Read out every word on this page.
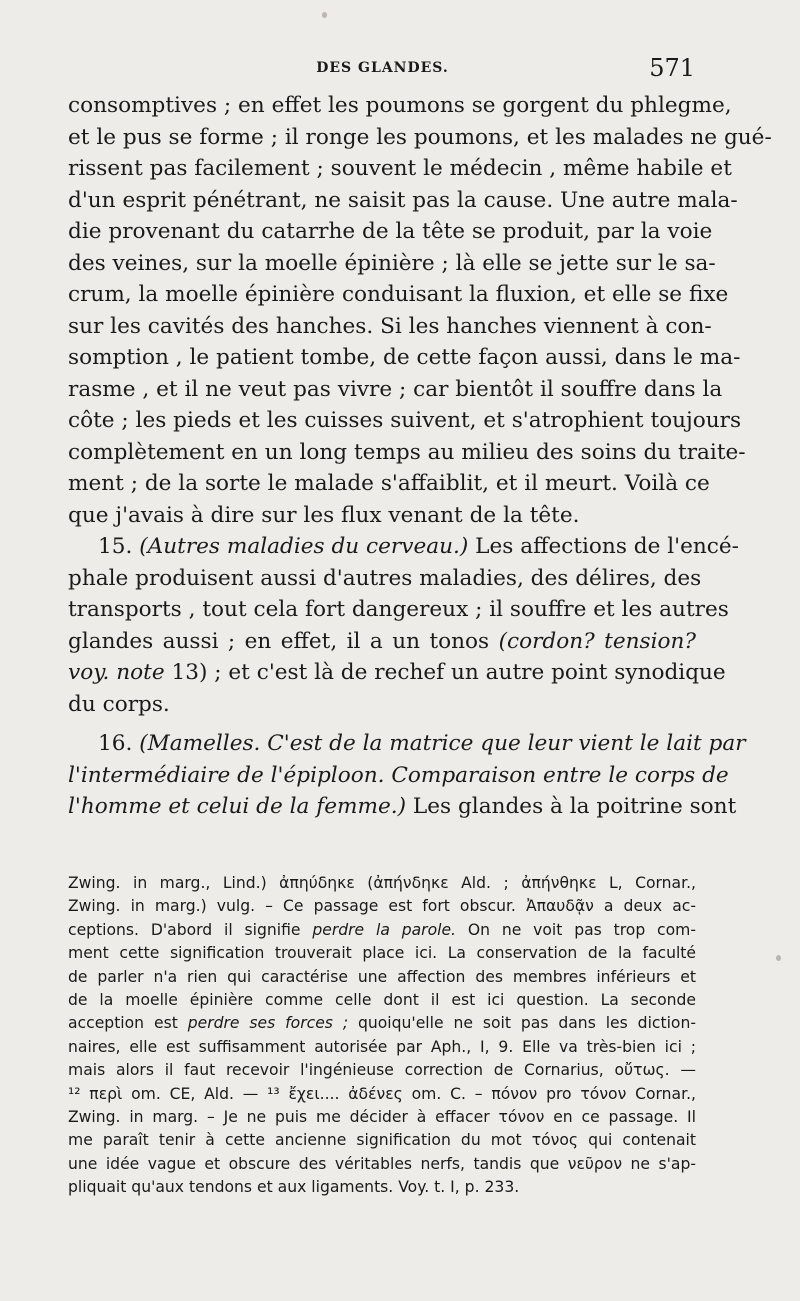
DES GLANDES.	571

consomptives ; en effet les poumons se gorgent du phlegme,
et le pus se forme ; il ronge les poumons, et les malades ne gué-
rissent pas facilement ; souvent le médecin , même habile et
d'un esprit pénétrant, ne saisit pas la cause. Une autre mala-
die provenant du catarrhe de la tête se produit, par la voie
des veines, sur la moelle épinière ; là elle se jette sur le sa-
crum, la moelle épinière conduisant la fluxion, et elle se fixe
sur les cavités des hanches. Si les hanches viennent à con-
somption , le patient tombe, de cette façon aussi, dans le ma-
rasme , et il ne veut pas vivre ; car bientôt il souffre dans la
côte ; les pieds et les cuisses suivent, et s'atrophient toujours
complètement en un long temps au milieu des soins du traite-
ment ; de la sorte le malade s'affaiblit, et il meurt. Voilà ce
que j'avais à dire sur les flux venant de la tête.

15. (Autres maladies du cerveau.) Les affections de l'encé-
phale produisent aussi d'autres maladies, des délires, des
transports , tout cela fort dangereux ; il souffre et les autres
glandes aussi ; en effet, il a un tonos (cordon? tension?
voy. note 13) ; et c'est là de rechef un autre point synodique
du corps.

16. (Mamelles. C'est de la matrice que leur vient le lait par
l'intermédiaire de l'épiploon. Comparaison entre le corps de
l'homme et celui de la femme.) Les glandes à la poitrine sont

Zwing. in marg., Lind.) ἀπηύδηκε (ἀπήνδηκε Ald. ; ἀπήνθηκε L, Cornar.,
Zwing. in marg.) vulg. – Ce passage est fort obscur. Ἀπαυδᾷν a deux ac-
ceptions. D'abord il signifie perdre la parole. On ne voit pas trop com-
ment cette signification trouverait place ici. La conservation de la faculté
de parler n'a rien qui caractérise une affection des membres inférieurs et
de la moelle épinière comme celle dont il est ici question. La seconde
acception est perdre ses forces ; quoiqu'elle ne soit pas dans les diction-
naires, elle est suffisamment autorisée par Aph., I, 9. Elle va très-bien ici ;
mais alors il faut recevoir l'ingénieuse correction de Cornarius, οὔτως. —
¹² περὶ om. CE, Ald. — ¹³ ἔχει.... ἀδένες om. C. – πόνον pro τόνον Cornar.,
Zwing. in marg. – Je ne puis me décider à effacer τόνον en ce passage. Il
me paraît tenir à cette ancienne signification du mot τόνος qui contenait
une idée vague et obscure des véritables nerfs, tandis que νεῦρον ne s'ap-
pliquait qu'aux tendons et aux ligaments. Voy. t. I, p. 233.
